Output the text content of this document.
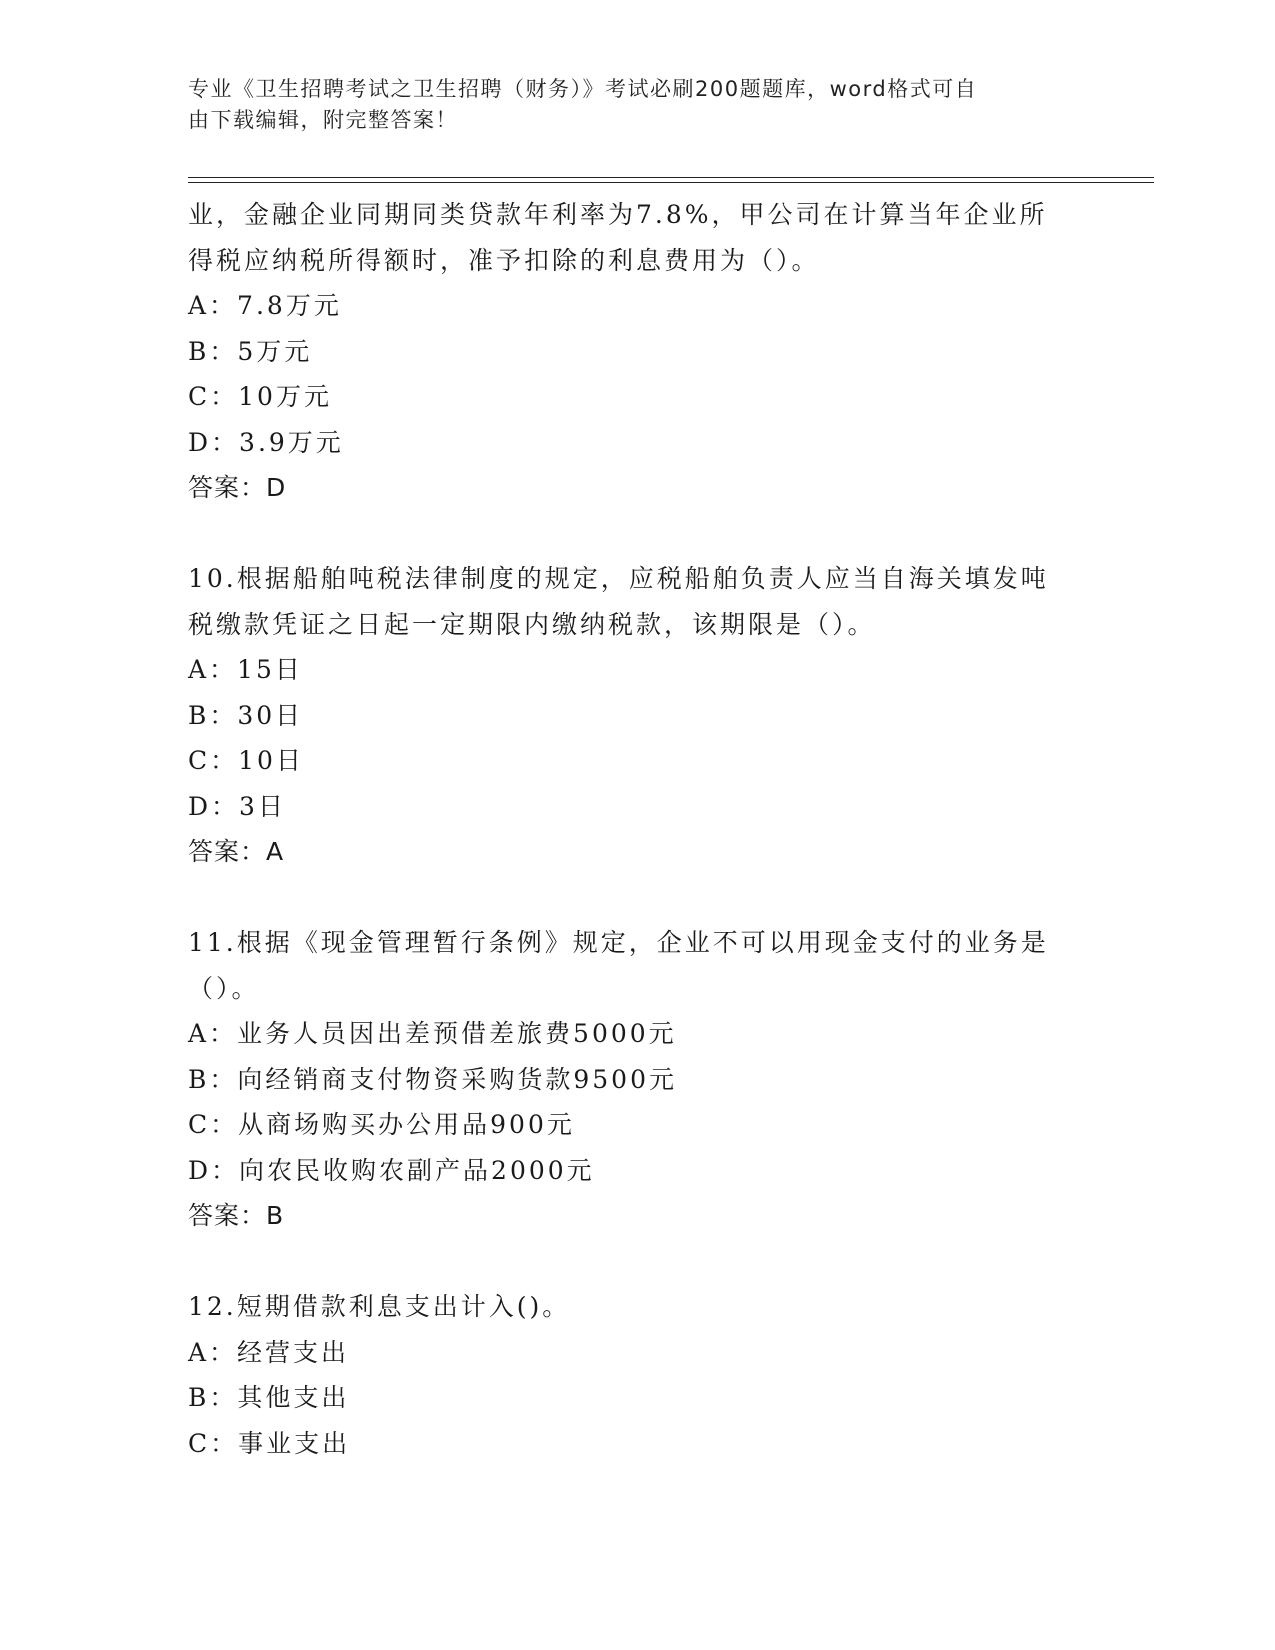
专业《卫生招聘考试之卫生招聘（财务）》考试必刷200题题库，word格式可自
由下载编辑，附完整答案！
业，金融企业同期同类贷款年利率为7.8%，甲公司在计算当年企业所
得税应纳税所得额时，准予扣除的利息费用为（）。
A：7.8万元
B：5万元
C：10万元
D：3.9万元
答案：D
10.根据船舶吨税法律制度的规定，应税船舶负责人应当自海关填发吨
税缴款凭证之日起一定期限内缴纳税款，该期限是（）。
A：15日
B：30日
C：10日
D：3日
答案：A
11.根据《现金管理暂行条例》规定，企业不可以用现金支付的业务是
（）。
A：业务人员因出差预借差旅费5000元
B：向经销商支付物资采购货款9500元
C：从商场购买办公用品900元
D：向农民收购农副产品2000元
答案：B
12.短期借款利息支出计入()。
A：经营支出
B：其他支出
C：事业支出
